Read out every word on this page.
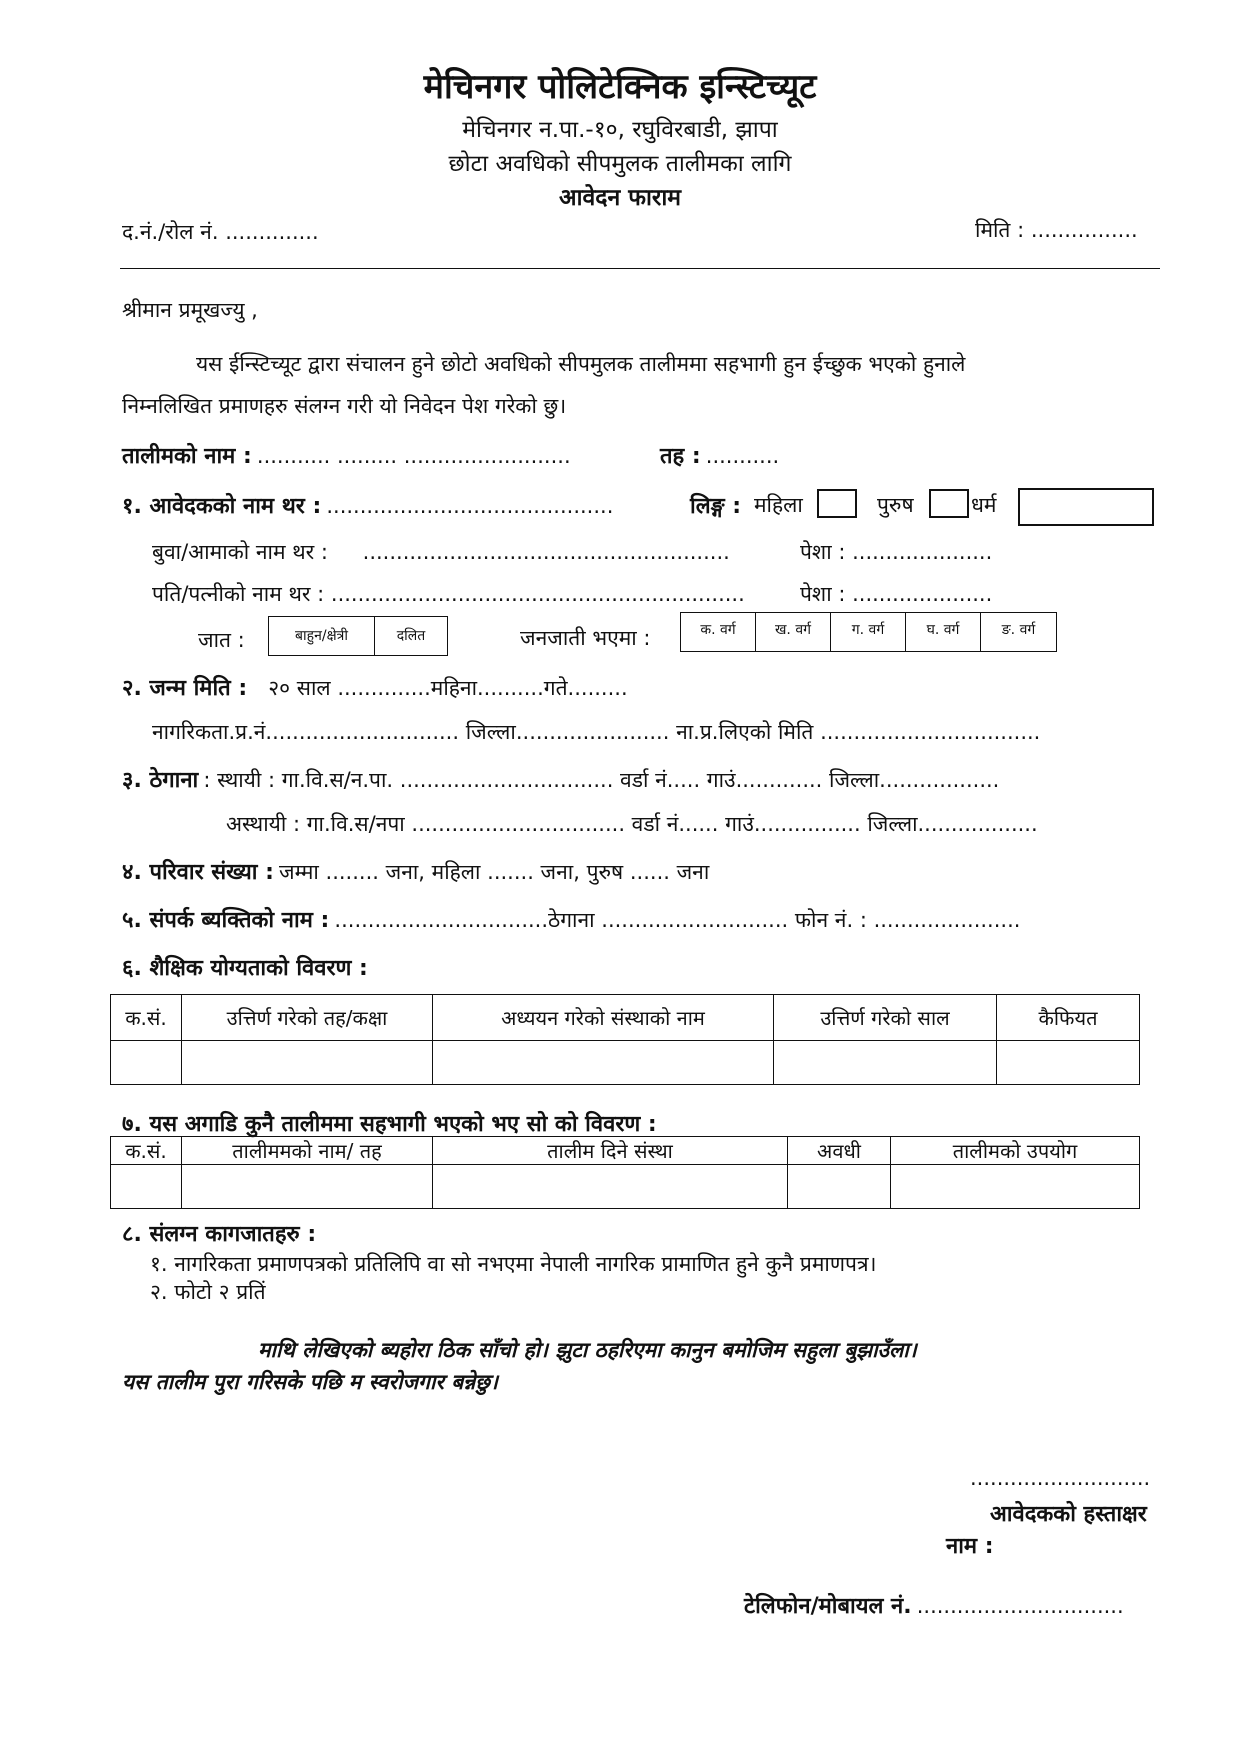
मेचिनगर पोलिटेक्निक इन्स्टिच्यूट
मेचिनगर न.पा.-१०, रघुविरबाडी, झापा
छोटा अवधिको सीपमुलक तालीमका लागि
आवेदन फाराम
द.नं./रोल नं. ..............	मिति : ................
श्रीमान प्रमूखज्यु ,
यस ईन्स्टिच्यूट द्वारा संचालन हुने छोटो अवधिको सीपमुलक तालीममा सहभागी हुन ईच्छुक भएको हुनाले
निम्नलिखित प्रमाणहरु संलग्न गरी यो निवेदन पेश गरेको छु।
तालीमको नाम : ........... ......... .........................	तह : ...........
१. आवेदकको नाम थर : ...........................................	लिङ्ग : महिला	पुरुष	धर्म
बुवा/आमाको नाम थर : .......................................................	पेशा : .....................
पति/पत्नीको नाम थर : ..............................................................	पेशा : .....................
जात :	बाहुन/क्षेत्री	दलित	जनजाती भएमा :	क. वर्ग	ख. वर्ग	ग. वर्ग	घ. वर्ग	ङ. वर्ग
२. जन्म मिति : २० साल ..............महिना..........गते.........
नागरिकता.प्र.नं............................. जिल्ला....................... ना.प्र.लिएको मिति .................................
३. ठेगाना : स्थायी : गा.वि.स/न.पा. ................................ वर्डा नं..... गाउं............. जिल्ला..................
अस्थायी : गा.वि.स/नपा ................................ वर्डा नं...... गाउं................ जिल्ला..................
४. परिवार संख्या : जम्मा ........ जना, महिला ....... जना, पुरुष ...... जना
५. संपर्क ब्यक्तिको नाम : ................................ठेगाना ............................ फोन नं. : ......................
६. शैक्षिक योग्यताको विवरण :
क.सं.	उत्तिर्ण गरेको तह/कक्षा	अध्ययन गरेको संस्थाको नाम	उत्तिर्ण गरेको साल	कैफियत

७. यस अगाडि कुनै तालीममा सहभागी भएको भए सो को विवरण :
क.सं.	तालीममको नाम/ तह	तालीम दिने संस्था	अवधी	तालीमको उपयोग

८. संलग्न कागजातहरु :
१. नागरिकता प्रमाणपत्रको प्रतिलिपि वा सो नभएमा नेपाली नागरिक प्रामाणित हुने कुनै प्रमाणपत्र।
२. फोटो २ प्रतिं
माथि लेखिएको ब्यहोरा ठिक साँचो हो। झुटा ठहरिएमा कानुन बमोजिम सहुला बुझाउँला।
यस तालीम पुरा गरिसके पछि म स्वरोजगार बन्नेछु।
...........................
आवेदकको हस्ताक्षर
नाम :
टेलिफोन/मोबायल नं. ...............................
